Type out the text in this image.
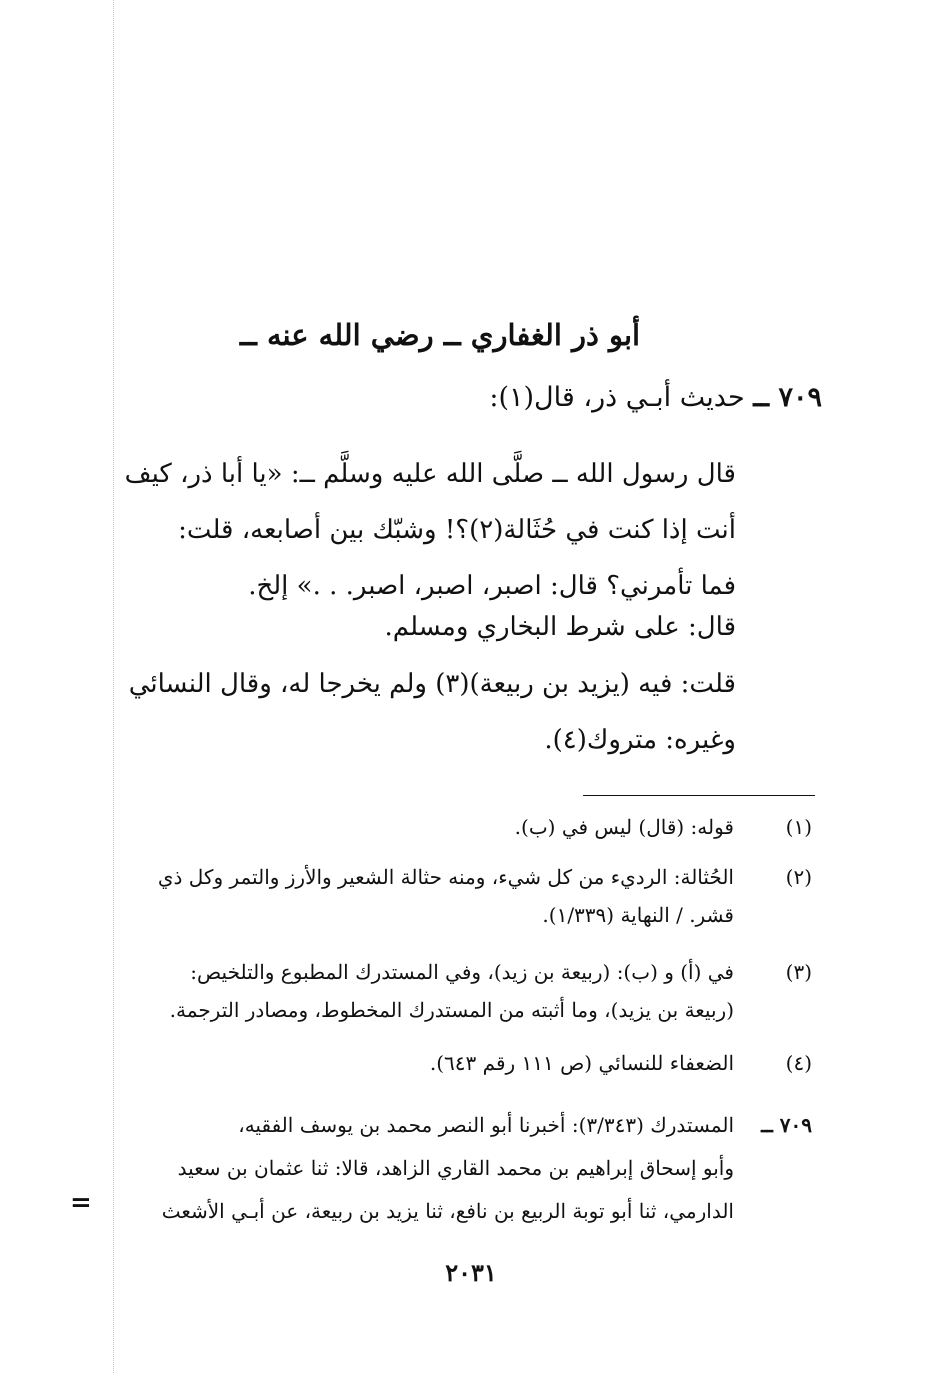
أبو ذر الغفاري ــ رضي الله عنه ــ
٧٠٩ ــ حديث أبـي ذر، قال(١):

قال رسول الله ــ صلَّى الله عليه وسلَّم ــ: «يا أبا ذر، كيف

أنت إذا كنت في حُثَالة(٢)؟! وشبّك بين أصابعه، قلت:

فما تأمرني؟ قال: اصبر، اصبر، اصبر. . .» إلخ.

قال: على شرط البخاري ومسلم.

قلت: فيه (يزيد بن ربيعة)(٣) ولم يخرجا له، وقال النسائي

وغيره: متروك(٤).

(١)
قوله: (قال) ليس في (ب).
(٢)
الحُثالة: الرديء من كل شيء، ومنه حثالة الشعير والأرز والتمر وكل ذي
قشر. / النهاية (١/٣٣٩).
(٣)
في (أ) و (ب): (ربيعة بن زيد)، وفي المستدرك المطبوع والتلخيص:
(ربيعة بن يزيد)، وما أثبته من المستدرك المخطوط، ومصادر الترجمة.
(٤)
الضعفاء للنسائي (ص ١١١ رقم ٦٤٣).
٧٠٩ ــ
المستدرك (٣/٣٤٣): أخبرنا أبو النصر محمد بن يوسف الفقيه،
وأبو إسحاق إبراهيم بن محمد القاري الزاهد، قالا: ثنا عثمان بن سعيد
الدارمي، ثنا أبو توبة الربيع بن نافع، ثنا يزيد بن ربيعة، عن أبـي الأشعث
=
٢٠٣١
